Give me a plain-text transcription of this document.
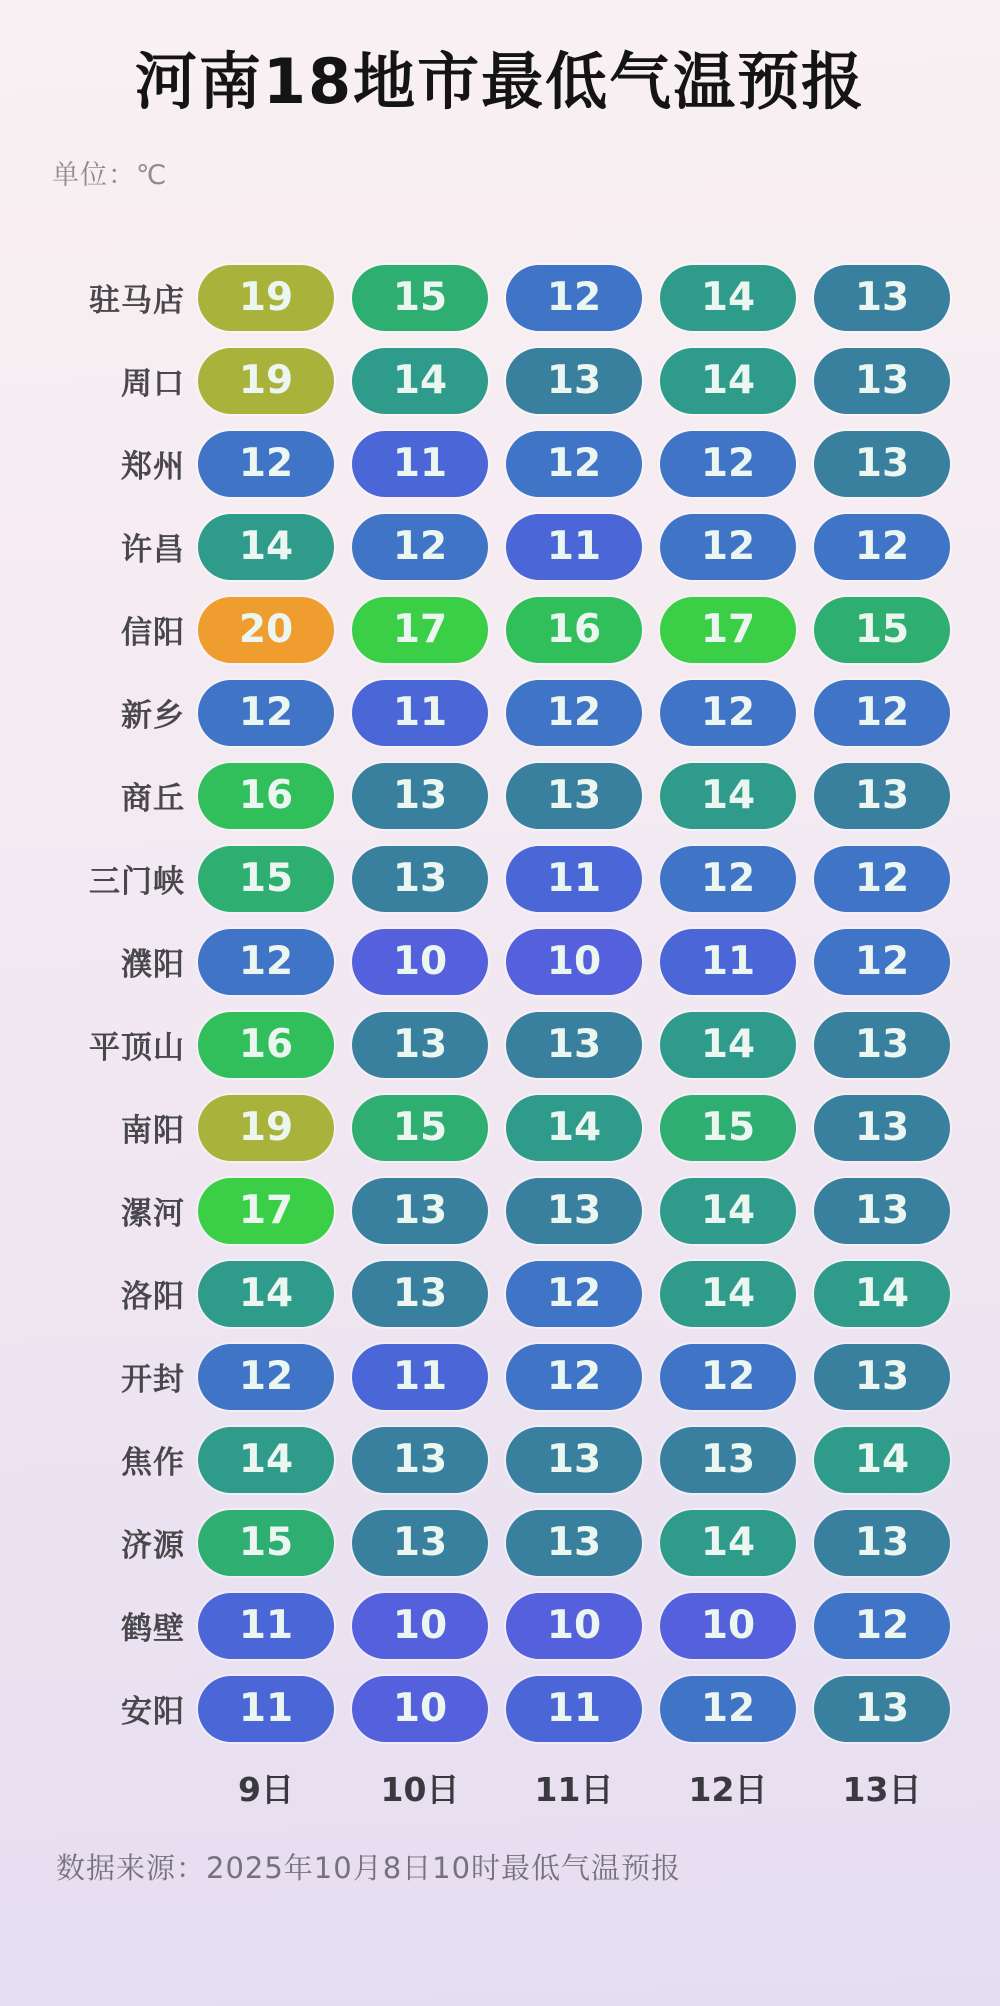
河南18地市最低气温预报
单位：℃
驻马店	19	15	12	14	13
周口	19	14	13	14	13
郑州	12	11	12	12	13
许昌	14	12	11	12	12
信阳	20	17	16	17	15
新乡	12	11	12	12	12
商丘	16	13	13	14	13
三门峡	15	13	11	12	12
濮阳	12	10	10	11	12
平顶山	16	13	13	14	13
南阳	19	15	14	15	13
漯河	17	13	13	14	13
洛阳	14	13	12	14	14
开封	12	11	12	12	13
焦作	14	13	13	13	14
济源	15	13	13	14	13
鹤壁	11	10	10	10	12
安阳	11	10	11	12	13
9日	10日	11日	12日	13日
数据来源：2025年10月8日10时最低气温预报
